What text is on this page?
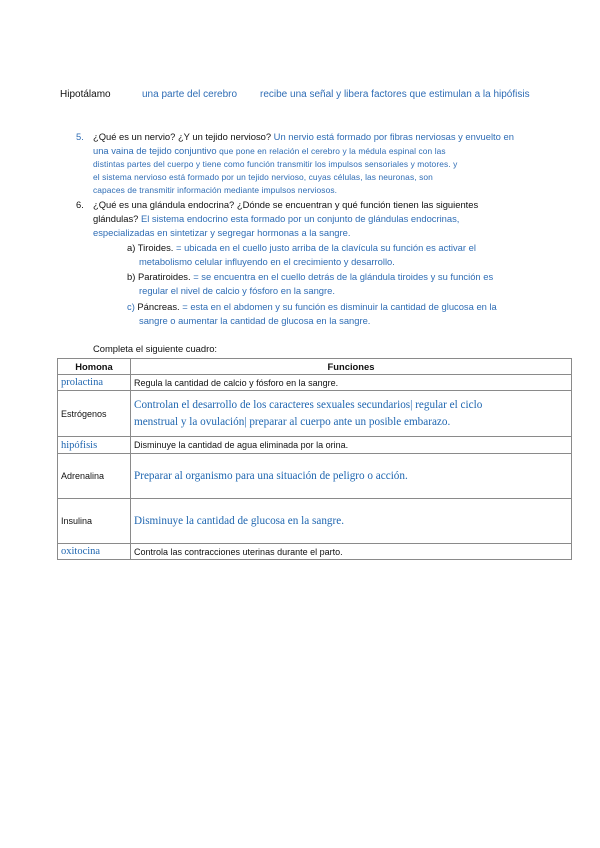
Hipotálamo	una parte del cerebro recibe una señal y libera factores que estimulan a la hipófisis
5. ¿Qué es un nervio? ¿Y un tejido nervioso? Un nervio está formado por fibras nerviosas y envuelto en
una vaina de tejido conjuntivo que pone en relación el cerebro y la médula espinal con las
distintas partes del cuerpo y tiene como función transmitir los impulsos sensoriales y motores. y
el sistema nervioso está formado por un tejido nervioso, cuyas células, las neuronas, son
capaces de transmitir información mediante impulsos nerviosos.
6. ¿Qué es una glándula endocrina? ¿Dónde se encuentran y qué función tienen las siguientes
glándulas? El sistema endocrino esta formado por un conjunto de glándulas endocrinas,
especializadas en sintetizar y segregar hormonas a la sangre.
a) Tiroides. = ubicada en el cuello justo arriba de la clavícula su función es activar el
metabolismo celular influyendo en el crecimiento y desarrollo.
b) Paratiroides. = se encuentra en el cuello detrás de la glándula tiroides y su función es
regular el nivel de calcio y fósforo en la sangre.
c) Páncreas. = esta en el abdomen y su función es disminuir la cantidad de glucosa en la
sangre o aumentar la cantidad de glucosa en la sangre.
Completa el siguiente cuadro:
Homona	Funciones
prolactina	Regula la cantidad de calcio y fósforo en la sangre.
Estrógenos	Controlan el desarrollo de los caracteres sexuales secundarios| regular el ciclo
menstrual y la ovulación| preparar al cuerpo ante un posible embarazo.

hipófisis	Disminuye la cantidad de agua eliminada por la orina.
Adrenalina	Preparar al organismo para una situación de peligro o acción.
Insulina	Disminuye la cantidad de glucosa en la sangre.
oxitocina	Controla las contracciones uterinas durante el parto.
